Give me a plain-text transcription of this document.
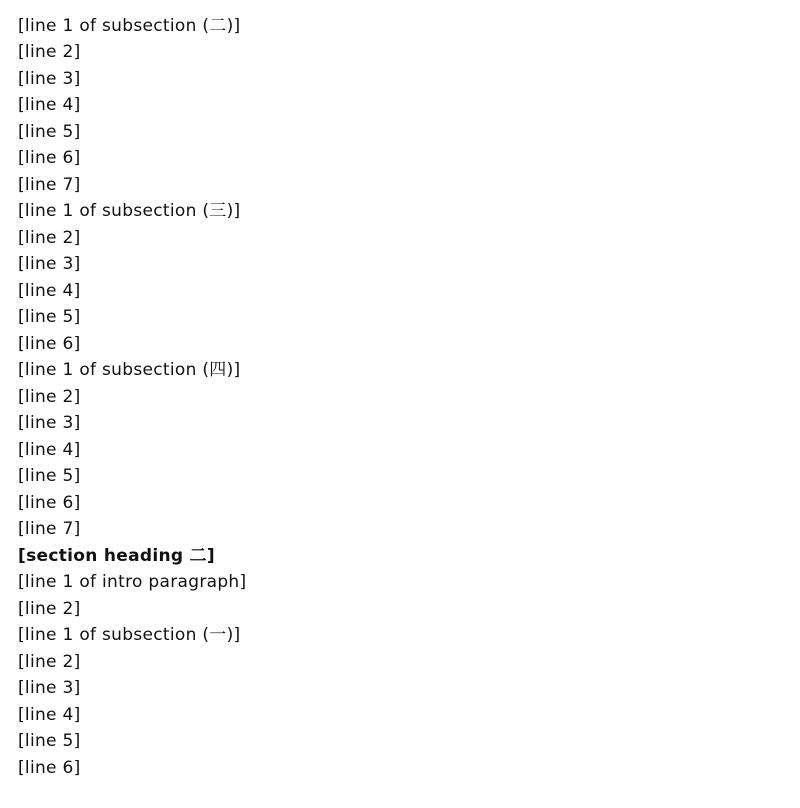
[line 1 of subsection (二)]
[line 2]
[line 3]
[line 4]
[line 5]
[line 6]
[line 7]
[line 1 of subsection (三)]
[line 2]
[line 3]
[line 4]
[line 5]
[line 6]
[line 1 of subsection (四)]
[line 2]
[line 3]
[line 4]
[line 5]
[line 6]
[line 7]
[section heading 二]
[line 1 of intro paragraph]
[line 2]
[line 1 of subsection (一)]
[line 2]
[line 3]
[line 4]
[line 5]
[line 6]
